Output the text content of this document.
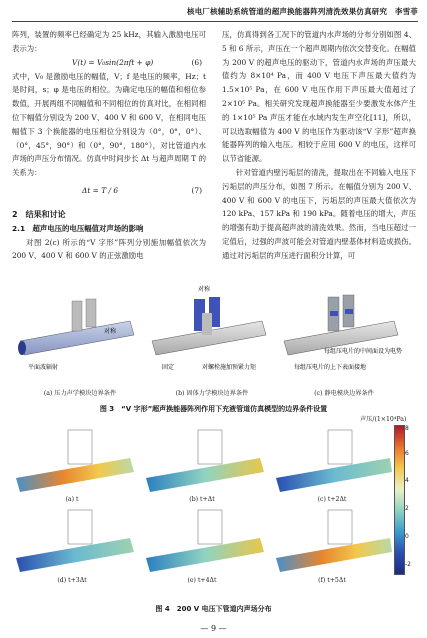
核电厂核辅助系统管道的超声换能器阵列清洗效果仿真研究　李雪菲

阵列，装置的频率已经确定为 25 kHz，其输入激励电压可表示为：

V(t) = V₀sin(2πft + φ)	(6)

式中，V₀ 是激励电压的幅值，V；f 是电压的频率，Hz；t 是时间，s；φ 是电压的相位。为确定电压的幅值和相位参数值，开展两组不同幅值和不同相位的仿真对比，在相同相位下幅值分别设为 200 V、400 V 和 600 V，在相同电压幅值下 3 个换能器的电压相位分别设为（0°，0°，0°）、（0°，45°，90°）和（0°，90°，180°），对比管道内水声场的声压分布情况。仿真中时间步长 Δt 与超声周期 T 的关系为：

Δt = T / 6	(7)
2　结果和讨论
2.1　超声电压的电压幅值对声场的影响

对图 2(c) 所示的“V 字形”阵列分别施加幅值依次为 200 V、400 V 和 600 V 的正弦激励电

压，仿真得到各工况下的管道内水声场的分布分别如图 4、5 和 6 所示，声压在一个超声周期内依次交替变化。在幅值为 200 V 的超声电压的驱动下，管道内水声场的声压最大值约为 8×10⁴ Pa，而 400 V 电压下声压最大值约为 1.5×10⁵ Pa，在 600 V 电压作用下声压最大值超过了 2×10⁵ Pa。相关研究发现超声换能器至少要激发水体产生的 1×10⁵ Pa 声压才能在水域内发生声空化[11]，所以，可以选取幅值为 400 V 的电压作为驱动该“V 字形”超声换能器阵列的输入电压。相较于应用 600 V 的电压，这样可以节省能源。

针对管道内壁污垢层的清洗，提取出在不同输入电压下污垢层的声压分布，如图 7 所示。在幅值分别为 200 V、400 V 和 600 V 的电压下，污垢层的声压最大值依次为 120 kPa、157 kPa 和 190 kPa。随着电压的增大，声压的增强有助于提高超声波的清洗效果。然而，当电压超过一定值后，过强的声波可能会对管道内壁基体材料造成损伤。通过对污垢层的声压进行面积分计算，可

平面波辐射
对称
对称
固定	对螺栓施加预紧力矩
每组压电片的中间面设为电势
每组压电片的上下表面接地
(a) 压力声学模块边界条件	(b) 固体力学模块边界条件	(c) 静电模块边界条件
图 3　“V 字形”超声换能器阵列作用下充液管道仿真模型的边界条件设置
(a) t	(b) t+Δt	(c) t+2Δt
(d) t+3Δt	(e) t+4Δt	(f) t+5Δt
声压/(1×10⁴Pa)
8
6
4
2
0
-2
图 4　200 V 电压下管道内声场分布
— 9 —
